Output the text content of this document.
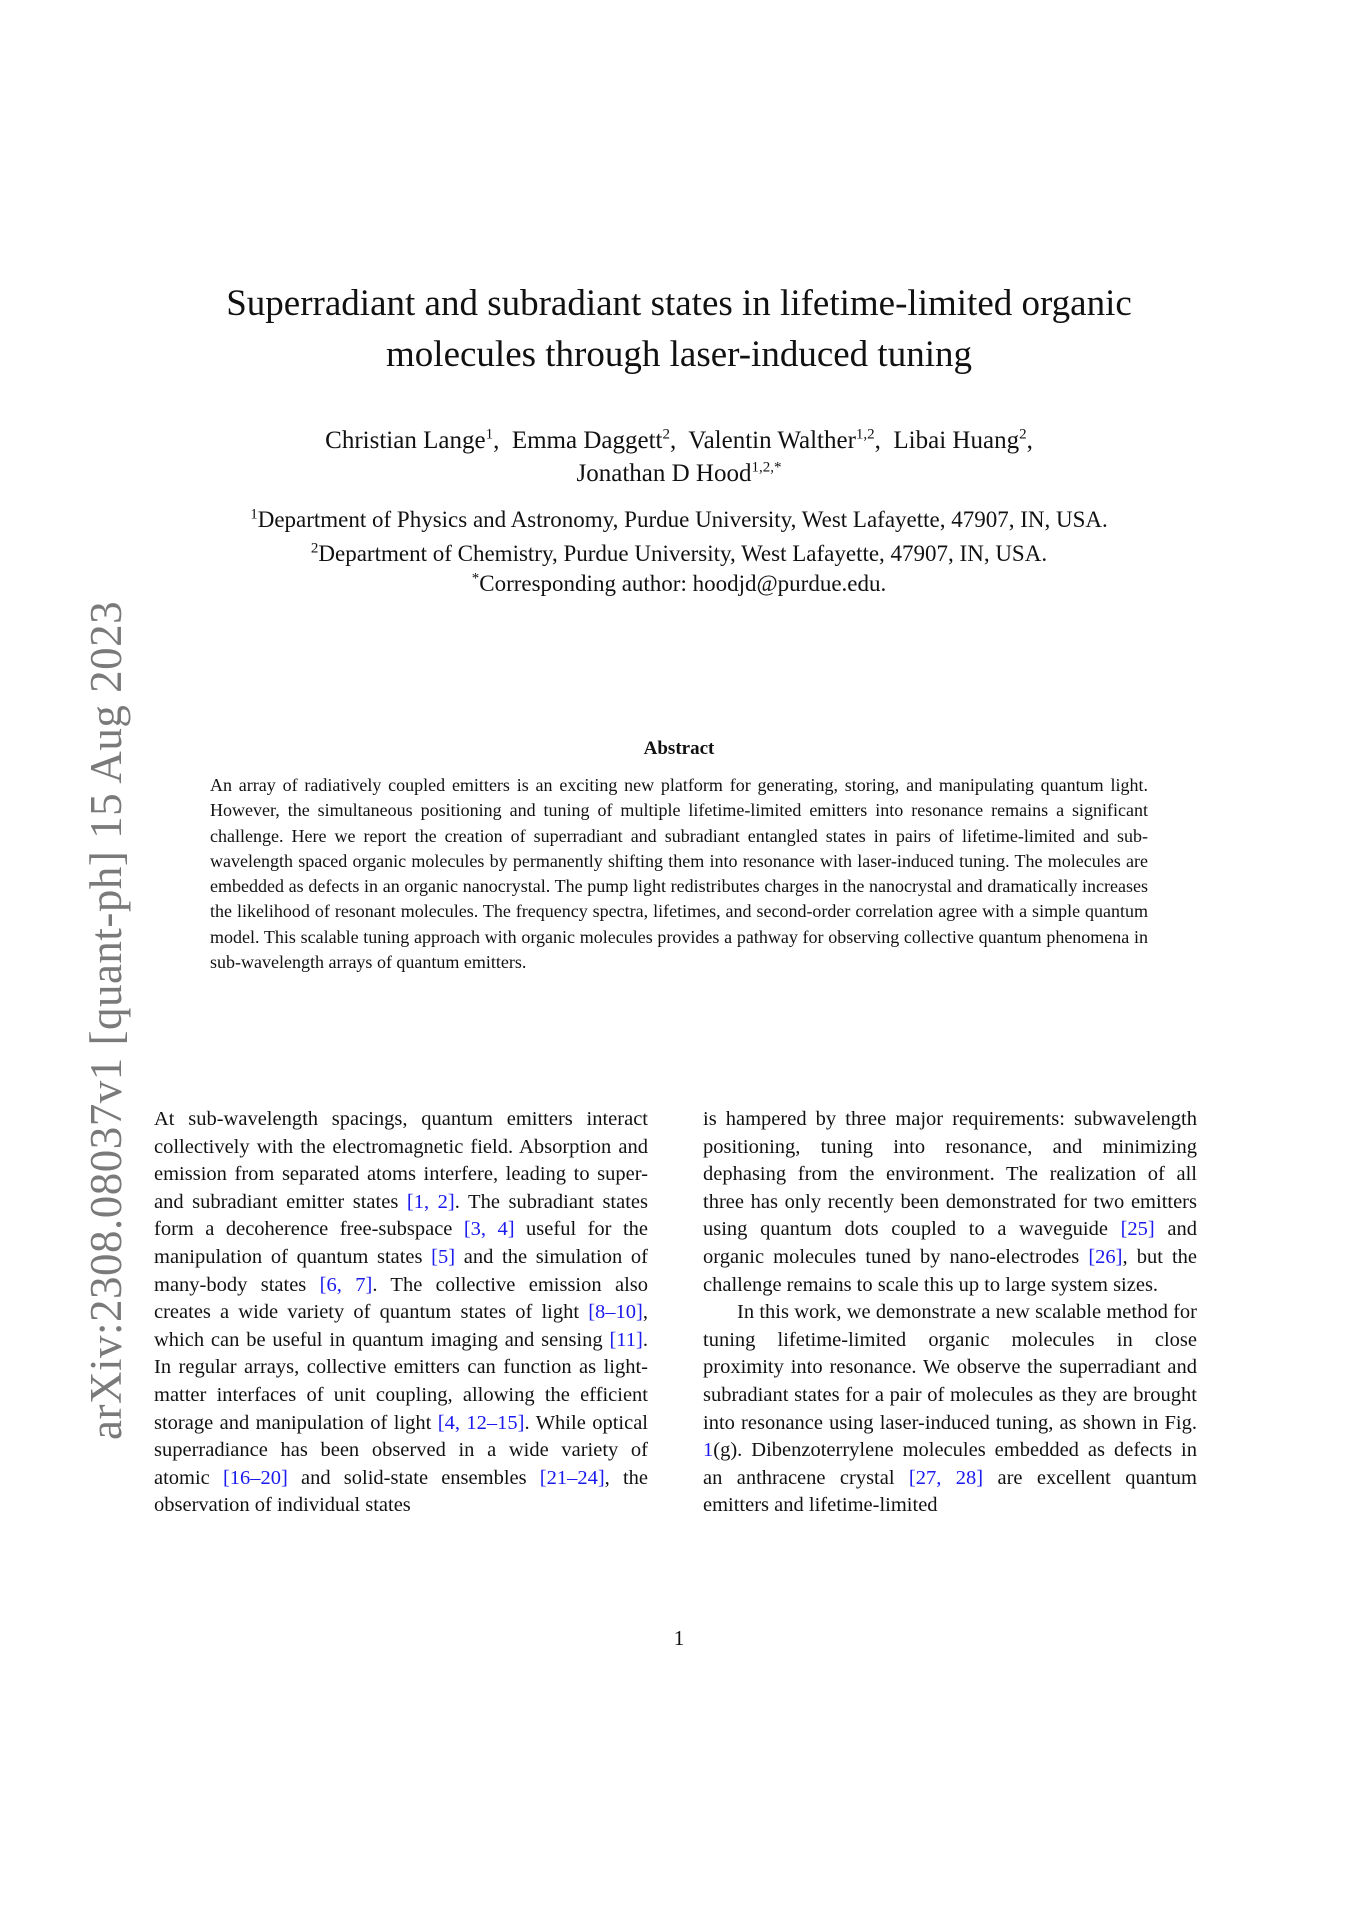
arXiv:2308.08037v1 [quant-ph] 15 Aug 2023
Superradiant and subradiant states in lifetime-limited organic molecules through laser-induced tuning
Christian Lange$^1$,  Emma Daggett$^2$,  Valentin Walther$^{1,2}$,  Libai Huang$^2$,
Jonathan D Hood$^{1,2,*}$
$^1$Department of Physics and Astronomy, Purdue University, West Lafayette, 47907, IN, USA.
$^2$Department of Chemistry, Purdue University, West Lafayette, 47907, IN, USA.
*Corresponding author: hoodjd@purdue.edu.
Abstract
An array of radiatively coupled emitters is an exciting new platform for generating, storing, and manipulating quantum light. However, the simultaneous positioning and tuning of multiple lifetime-limited emitters into resonance remains a significant challenge. Here we report the creation of superradiant and subradiant entangled states in pairs of lifetime-limited and sub-wavelength spaced organic molecules by permanently shifting them into resonance with laser-induced tuning. The molecules are embedded as defects in an organic nanocrystal. The pump light redistributes charges in the nanocrystal and dramatically increases the likelihood of resonant molecules. The frequency spectra, lifetimes, and second-order correlation agree with a simple quantum model. This scalable tuning approach with organic molecules provides a pathway for observing collective quantum phenomena in sub-wavelength arrays of quantum emitters.

At sub-wavelength spacings, quantum emitters interact collectively with the electromagnetic field. Absorption and emission from separated atoms interfere, leading to super- and subradiant emitter states [1, 2]. The subradiant states form a decoherence free-subspace [3, 4] useful for the manipulation of quantum states [5] and the simulation of many-body states [6, 7]. The collective emission also creates a wide variety of quantum states of light [8–10], which can be useful in quantum imaging and sensing [11]. In regular arrays, collective emitters can function as light-matter interfaces of unit coupling, allowing the efficient storage and manipulation of light [4, 12–15]. While optical superradiance has been observed in a wide variety of atomic [16–20] and solid-state ensembles [21–24], the observation of individual states

is hampered by three major requirements: subwavelength positioning, tuning into resonance, and minimizing dephasing from the environment. The realization of all three has only recently been demonstrated for two emitters using quantum dots coupled to a waveguide [25] and organic molecules tuned by nano-electrodes [26], but the challenge remains to scale this up to large system sizes.

In this work, we demonstrate a new scalable method for tuning lifetime-limited organic molecules in close proximity into resonance. We observe the superradiant and subradiant states for a pair of molecules as they are brought into resonance using laser-induced tuning, as shown in Fig. 1(g). Dibenzoterrylene molecules embedded as defects in an anthracene crystal [27, 28] are excellent quantum emitters and lifetime-limited

1
